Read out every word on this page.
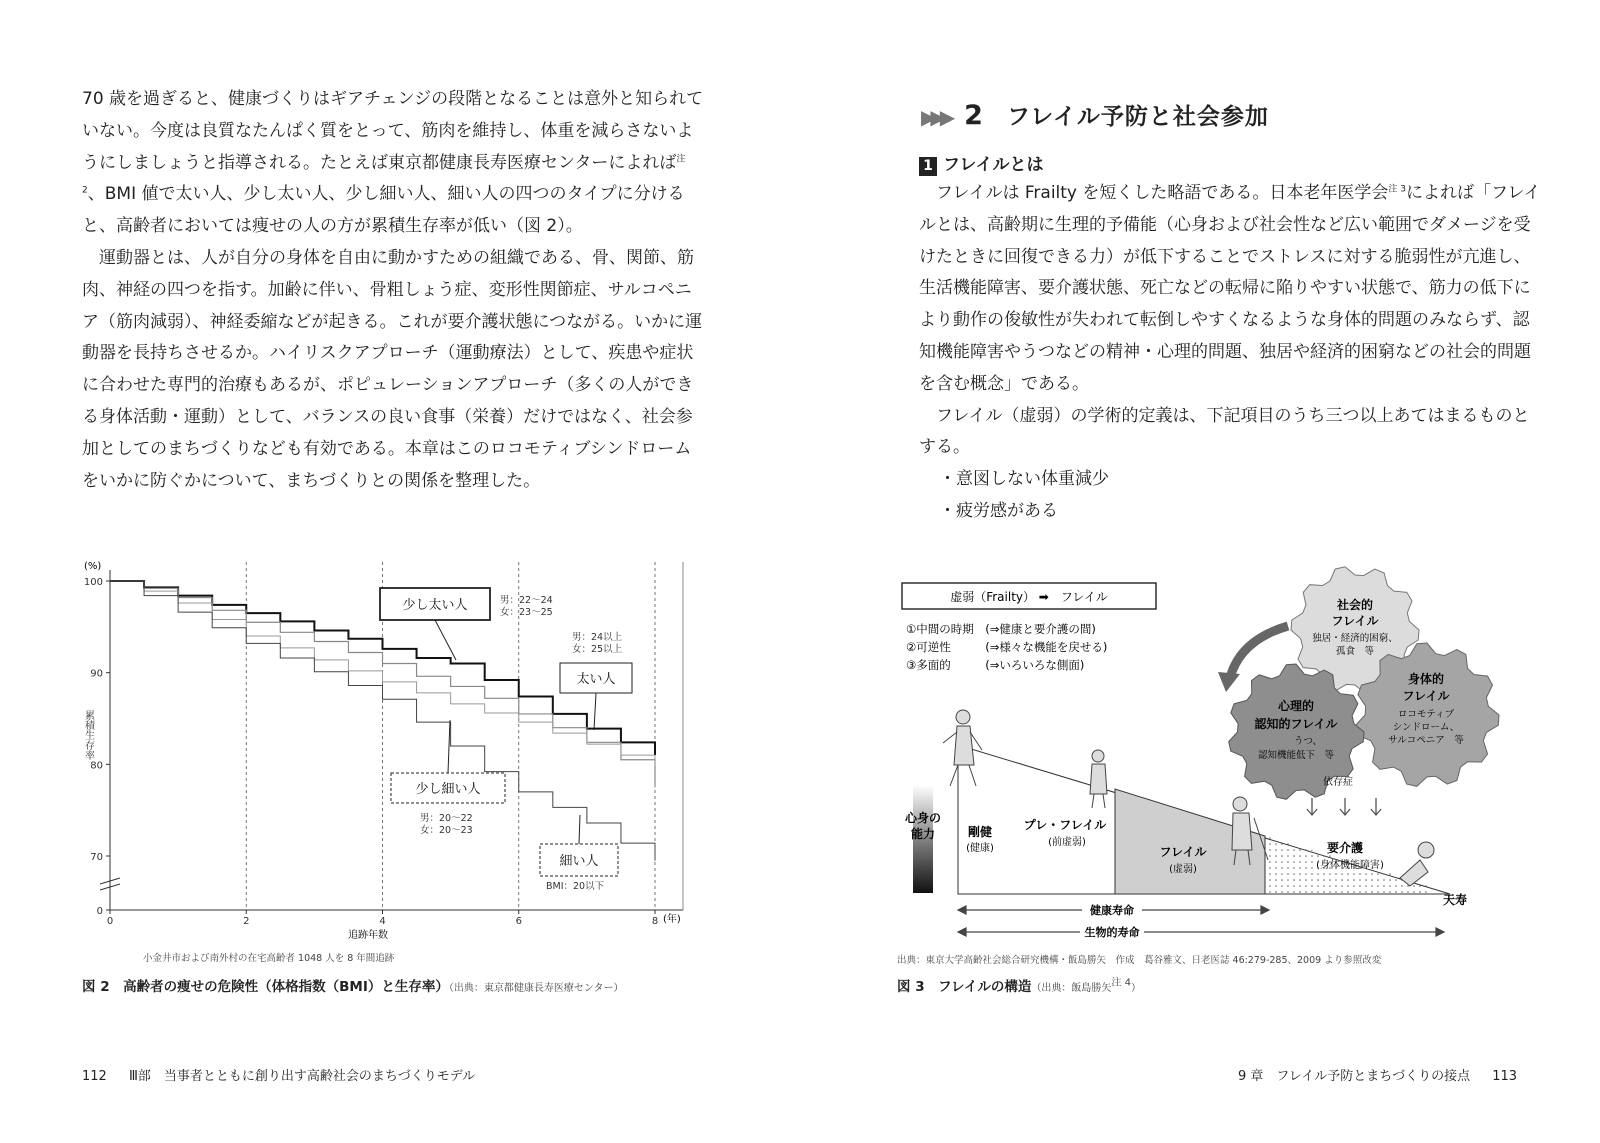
70 歳を過ぎると、健康づくりはギアチェンジの段階となることは意外と知られていない。今度は良質なたんぱく質をとって、筋肉を維持し、体重を減らさないようにしましょうと指導される。たとえば東京都健康長寿医療センターによれば$^{注 2}$、BMI 値で太い人、少し太い人、少し細い人、細い人の四つのタイプに分けると、高齢者においては痩せの人の方が累積生存率が低い（図 2）。

　運動器とは、人が自分の身体を自由に動かすための組織である、骨、関節、筋肉、神経の四つを指す。加齢に伴い、骨粗しょう症、変形性関節症、サルコペニア（筋肉減弱）、神経委縮などが起きる。これが要介護状態につながる。いかに運動器を長持ちさせるか。ハイリスクアプローチ（運動療法）として、疾患や症状に合わせた専門的治療もあるが、ポピュレーションアプローチ（多くの人ができる身体活動・運動）として、バランスの良い食事（栄養）だけではなく、社会参加としてのまちづくりなども有効である。本章はこのロコモティブシンドロームをいかに防ぐかについて、まちづくりとの関係を整理した。

100
90
80
70
0
0	2	4	6	8
累積生存率
少し太い人	男：22～24
女：23～25
太い人
男：24以上
女：25以上
少し細い人
男：20～22
女：20～23
細い人
BMI：20以下
(%)
(年)
追跡年数
小金井市および南外村の在宅高齢者 1048 人を 8 年間追跡
図 2　高齢者の痩せの危険性（体格指数（BMI）と生存率）（出典：東京都健康長寿医療センター）
112 Ⅲ部　当事者とともに創り出す高齢社会のまちづくりモデル
▶▶▶ 2 フレイル予防と社会参加
1 フレイルとは

　フレイルは Frailty を短くした略語である。日本老年医学会$^{注 3}$によれば「フレイルとは、高齢期に生理的予備能（心身および社会性など広い範囲でダメージを受けたときに回復できる力）が低下することでストレスに対する脆弱性が亢進し、生活機能障害、要介護状態、死亡などの転帰に陥りやすい状態で、筋力の低下により動作の俊敏性が失われて転倒しやすくなるような身体的問題のみならず、認知機能障害やうつなどの精神・心理的問題、独居や経済的困窮などの社会的問題を含む概念」である。

　フレイル（虚弱）の学術的定義は、下記項目のうち三つ以上あてはまるものとする。

・意図しない体重減少

・疲労感がある

虚弱（Frailty） ➡　フレイル
①中間の時期　(⇒健康と要介護の間)
②可逆性　　　(⇒様々な機能を戻せる)
③多面的　　　(⇒いろいろな側面)
社会的
フレイル
独居・経済的困窮、
孤食　等
心理的
認知的フレイル
うつ、
認知機能低下　等
身体的
フレイル
ロコモティブ
シンドローム、
サルコペニア　等
心身の
能力	剛健
(健康)
プレ・フレイル
(前虚弱)
フレイル
(虚弱)
要介護
(身体機能障害)
依存症
天寿
健康寿命
生物的寿命
出典：東京大学高齢社会総合研究機構・飯島勝矢　作成　葛谷雅文、日老医誌 46:279-285、2009 より参照改変
図 3　フレイルの構造（出典：飯島勝矢$^{注 4}$）
9 章　フレイル予防とまちづくりの接点 113
